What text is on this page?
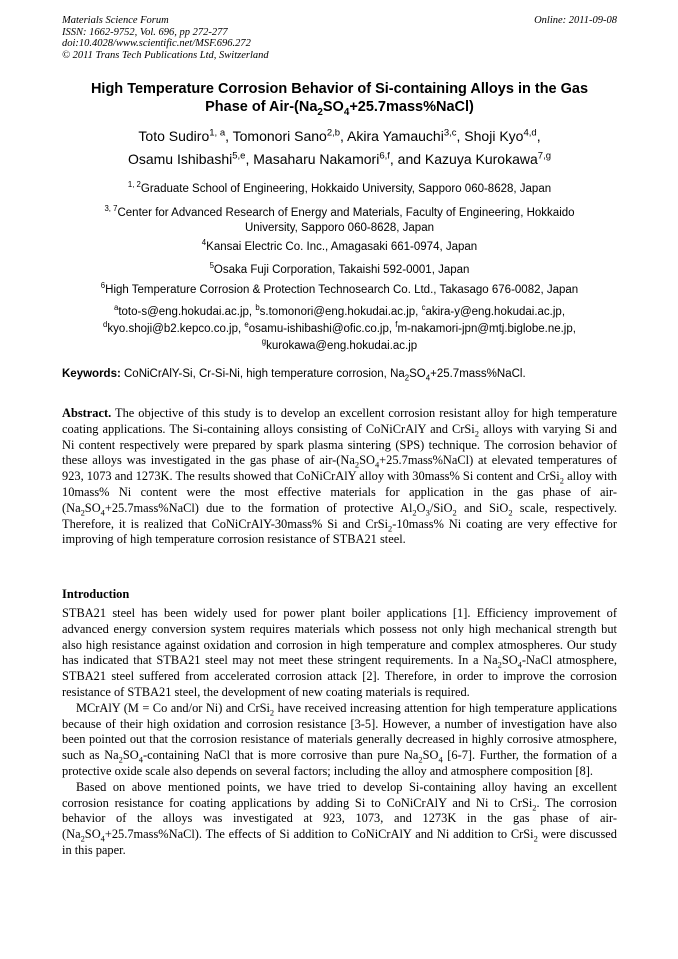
Materials Science Forum
ISSN: 1662-9752, Vol. 696, pp 272-277
doi:10.4028/www.scientific.net/MSF.696.272
© 2011 Trans Tech Publications Ltd, Switzerland
Online: 2011-09-08
High Temperature Corrosion Behavior of Si-containing Alloys in the Gas
Phase of Air-$(Na_2SO_4+25.7mass\%NaCl)$
Toto Sudiro$^{1, a}$, Tomonori Sano$^{2,b}$, Akira Yamauchi$^{3,c}$, Shoji Kyo$^{4,d}$,
Osamu Ishibashi$^{5,e}$, Masaharu Nakamori$^{6,f}$, and Kazuya Kurokawa$^{7,g}$
$^{1, 2}$Graduate School of Engineering, Hokkaido University, Sapporo 060-8628, Japan
$^{3, 7}$Center for Advanced Research of Energy and Materials, Faculty of Engineering, Hokkaido
University, Sapporo 060-8628, Japan
$^4$Kansai Electric Co. Inc., Amagasaki 661-0974, Japan
$^5$Osaka Fuji Corporation, Takaishi 592-0001, Japan
$^6$High Temperature Corrosion & Protection Technosearch Co. Ltd., Takasago 676-0082, Japan
$^a$toto-s@eng.hokudai.ac.jp, $^b$s.tomonori@eng.hokudai.ac.jp, $^c$akira-y@eng.hokudai.ac.jp,
$^d$kyo.shoji@b2.kepco.co.jp, $^e$osamu-ishibashi@ofic.co.jp, $^f$m-nakamori-jpn@mtj.biglobe.ne.jp,
$^g$kurokawa@eng.hokudai.ac.jp
Keywords: CoNiCrAlY-Si, Cr-Si-Ni, high temperature corrosion, $Na_2SO_4+25.7mass\%NaCl$.

Abstract. The objective of this study is to develop an excellent corrosion resistant alloy for high temperature coating applications. The Si-containing alloys consisting of CoNiCrAlY and CrSi$_2$ alloys with varying Si and Ni content respectively were prepared by spark plasma sintering (SPS) technique. The corrosion behavior of these alloys was investigated in the gas phase of air-$(Na_2SO_4+25.7mass\%NaCl)$ at elevated temperatures of 923, 1073 and 1273K. The results showed that CoNiCrAlY alloy with 30mass% Si content and CrSi$_2$ alloy with 10mass% Ni content were the most effective materials for application in the gas phase of air-$(Na_2SO_4+25.7mass\%NaCl)$ due to the formation of protective $Al_2O_3/SiO_2$ and SiO$_2$ scale, respectively. Therefore, it is realized that CoNiCrAlY-30mass% Si and CrSi$_2$-10mass% Ni coating are very effective for improving of high temperature corrosion resistance of STBA21 steel.

Introduction

STBA21 steel has been widely used for power plant boiler applications [1]. Efficiency improvement of advanced energy conversion system requires materials which possess not only high mechanical strength but also high resistance against oxidation and corrosion in high temperature and complex atmospheres. Our study has indicated that STBA21 steel may not meet these stringent requirements. In a $Na_2SO_4$-NaCl atmosphere, STBA21 steel suffered from accelerated corrosion attack [2]. Therefore, in order to improve the corrosion resistance of STBA21 steel, the development of new coating materials is required.

MCrAlY (M = Co and/or Ni) and CrSi$_2$ have received increasing attention for high temperature applications because of their high oxidation and corrosion resistance [3-5]. However, a number of investigation have also been pointed out that the corrosion resistance of materials generally decreased in highly corrosive atmosphere, such as $Na_2SO_4$-containing NaCl that is more corrosive than pure $Na_2SO_4$ [6-7]. Further, the formation of a protective oxide scale also depends on several factors; including the alloy and atmosphere composition [8].

Based on above mentioned points, we have tried to develop Si-containing alloy having an excellent corrosion resistance for coating applications by adding Si to CoNiCrAlY and Ni to CrSi$_2$. The corrosion behavior of the alloys was investigated at 923, 1073, and 1273K in the gas phase of air-$(Na_2SO_4+25.7mass\%NaCl)$. The effects of Si addition to CoNiCrAlY and Ni addition to CrSi$_2$ were discussed in this paper.
